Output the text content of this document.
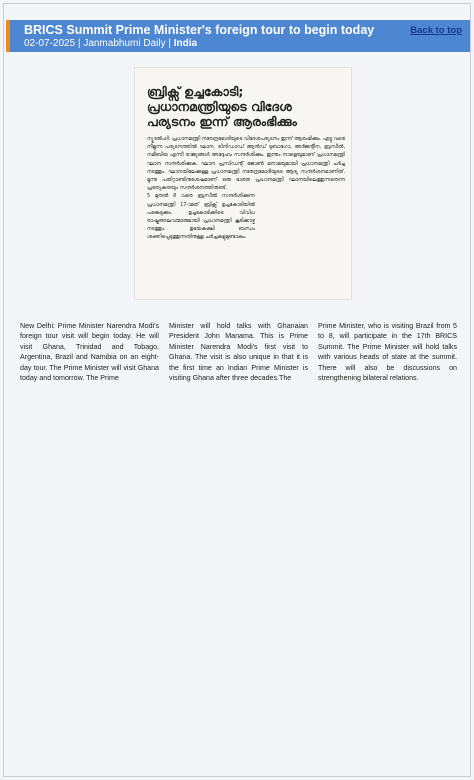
BRICS Summit Prime Minister's foreign tour to begin today
02-07-2025 | Janmabhumi Daily | India
Back to top
ബ്രിക്സ് ഉച്ചകോടി; പ്രധാനമന്ത്രിയുടെ വിദേശ പര്യടനം ഇന്ന് ആരംഭിക്കും

ന്യൂദൽഹി: പ്രധാനമന്ത്രി നരേന്ദ്രമോദിയുടെ വിദേശപര്യടനം ഇന്ന് ആരംഭിക്കും. എട്ടു വരെ നീളുന്ന പര്യടനത്തിൽ ഘാന, ട്രിനിഡാഡ് ആൻഡ് ടുബാഗോ, അർജന്റീന, ബ്രസീൽ, നമീബിയ എന്നീ രാജ്യങ്ങൾ അദ്ദേഹം സന്ദർശിക്കും. ഇന്നും നാളെയുമാണ് പ്രധാനമന്ത്രി ഘാന സന്ദർശിക്കുക. ഘാന പ്രസിഡന്റ് ജോൺ മനാമയുമായി പ്രധാനമന്ത്രി ചർച്ച നടത്തും. ഘാനയിലേക്കുള്ള പ്രധാനമന്ത്രി നരേന്ദ്രമോദിയുടെ ആദ്യ സന്ദർശനമാണിത്. മൂന്നു പതിറ്റാണ്ടിനുശേഷമാണ് ഒരു ഭാരത പ്രധാനമന്ത്രി ഘാനയിലെത്തുന്നതെന്ന പ്രത്യേകതയും സന്ദർശനത്തിനുണ്ട്.

5 മുതൽ 8 വരെ ബ്രസീൽ സന്ദർശിക്കുന്ന പ്രധാനമന്ത്രി 17-ാമത് ബ്രിക്സ് ഉച്ചകോടിയിൽ പങ്കെടുക്കും. ഉച്ചകോടിക്കിടെ വിവിധ രാഷ്ട്രത്തലവന്മാരുമായി പ്രധാനമന്ത്രി കൂടിക്കാഴ്ച നടത്തും. ഉഭയകക്ഷി ബന്ധം ശക്തിപ്പെടുത്തുന്നതിനുള്ള ചർച്ചകളുമുണ്ടാകും.

New Delhi: Prime Minister Narendra Modi's foreign tour visit will begin today. He will visit Ghana, Trinidad and Tobago, Argentina, Brazil and Namibia on an eight-day tour. The Prime Minister will visit Ghana today and tomorrow. The Prime
Minister will hold talks with Ghanaian President John Manama. This is Prime Minister Narendra Modi's first visit to Ghana. The visit is also unique in that it is the first time an Indian Prime Minister is visiting Ghana after three decades.The
Prime Minister, who is visiting Brazil from 5 to 8, will participate in the 17th BRICS Summit. The Prime Minister will hold talks with various heads of state at the summit. There will also be discussions on strengthening bilateral relations.
